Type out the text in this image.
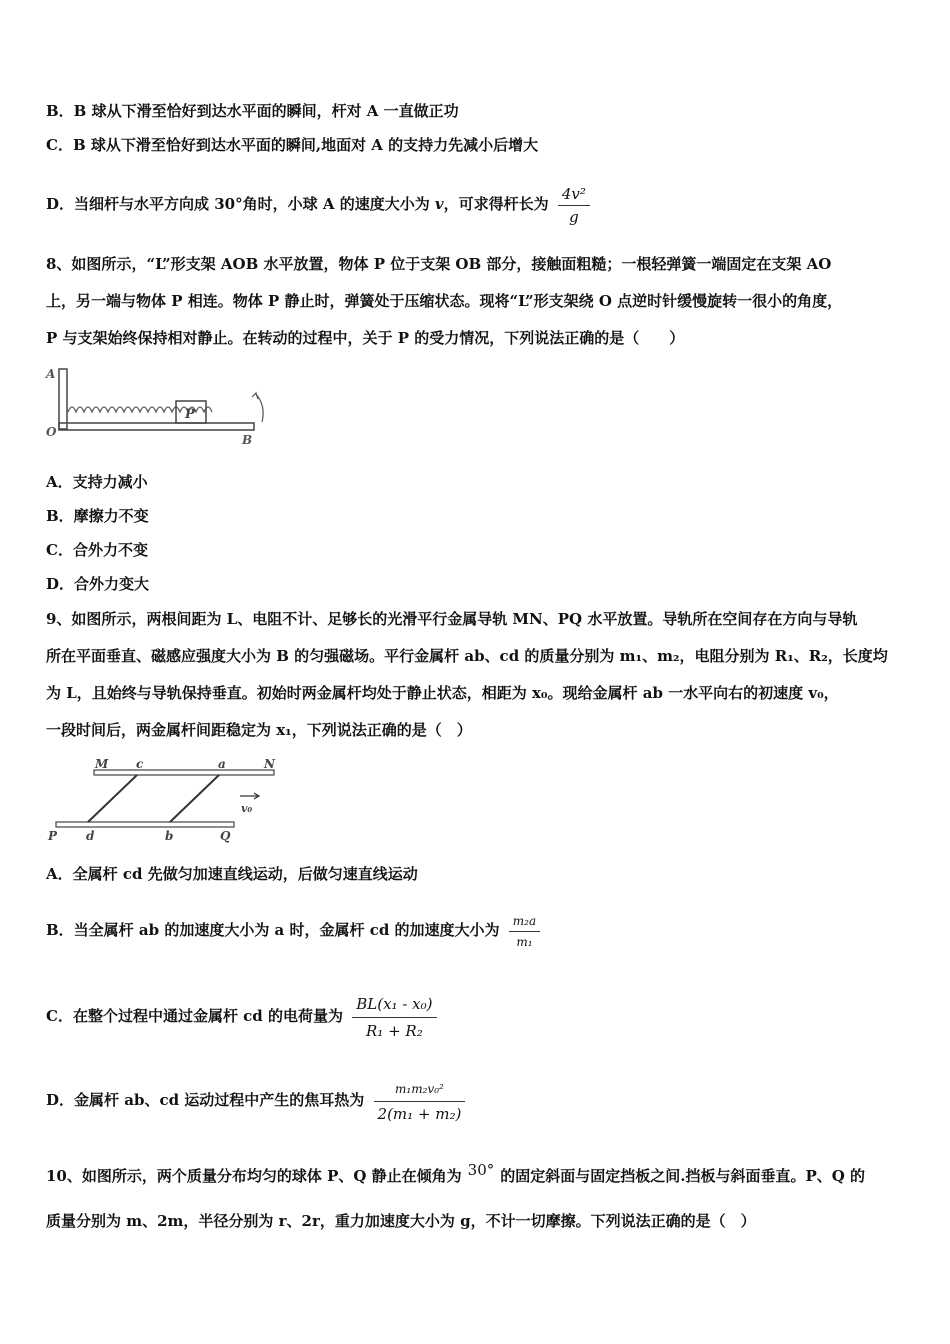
B．B 球从下滑至恰好到达水平面的瞬间，杆对 A 一直做正功
C．B 球从下滑至恰好到达水平面的瞬间,地面对 A 的支持力先减小后增大
D．当细杆与水平方向成 30°角时，小球 A 的速度大小为 v，可求得杆长为 $\frac{\text{4v²}}{g}$
8、如图所示，“L”形支架 AOB 水平放置，物体 P 位于支架 OB 部分，接触面粗糙；一根轻弹簧一端固定在支架 AO
上，另一端与物体 P 相连。物体 P 静止时，弹簧处于压缩状态。现将“L”形支架绕 O 点逆时针缓慢旋转一很小的角度，
P 与支架始终保持相对静止。在转动的过程中，关于 P 的受力情况，下列说法正确的是（　　）
P
A
O
B
A．支持力减小
B．摩擦力不变
C．合外力不变
D．合外力变大
9、如图所示，两根间距为 L、电阻不计、足够长的光滑平行金属导轨 MN、PQ 水平放置。导轨所在空间存在方向与导轨
所在平面垂直、磁感应强度大小为 B 的匀强磁场。平行金属杆 ab、cd 的质量分别为 m₁、m₂，电阻分别为 R₁、R₂，长度均
为 L，且始终与导轨保持垂直。初始时两金属杆均处于静止状态，相距为 x₀。现给金属杆 ab 一水平向右的初速度 v₀，
一段时间后，两金属杆间距稳定为 x₁，下列说法正确的是（　）
M c	a	N
v₀
P d	b	Q
A．全属杆 cd 先做匀加速直线运动，后做匀速直线运动
B．当全属杆 ab 的加速度大小为 a 时，金属杆 cd 的加速度大小为 $\frac{\text{m₂a}}{\text{m₁}}$
C．在整个过程中通过金属杆 cd 的电荷量为 $\frac{\text{BL(x₁ - x₀)}}{\text{R₁ + R₂}}$
D．金属杆 ab、cd 运动过程中产生的焦耳热为 $\frac{\text{m₁m₂v₀²}}{\text{2(m₁ + m₂)}}$
10、如图所示，两个质量分布均匀的球体 P、Q 静止在倾角为 30° 的固定斜面与固定挡板之间.挡板与斜面垂直。P、Q 的
质量分别为 m、2m，半径分别为 r、2r，重力加速度大小为 g，不计一切摩擦。下列说法正确的是（　）
